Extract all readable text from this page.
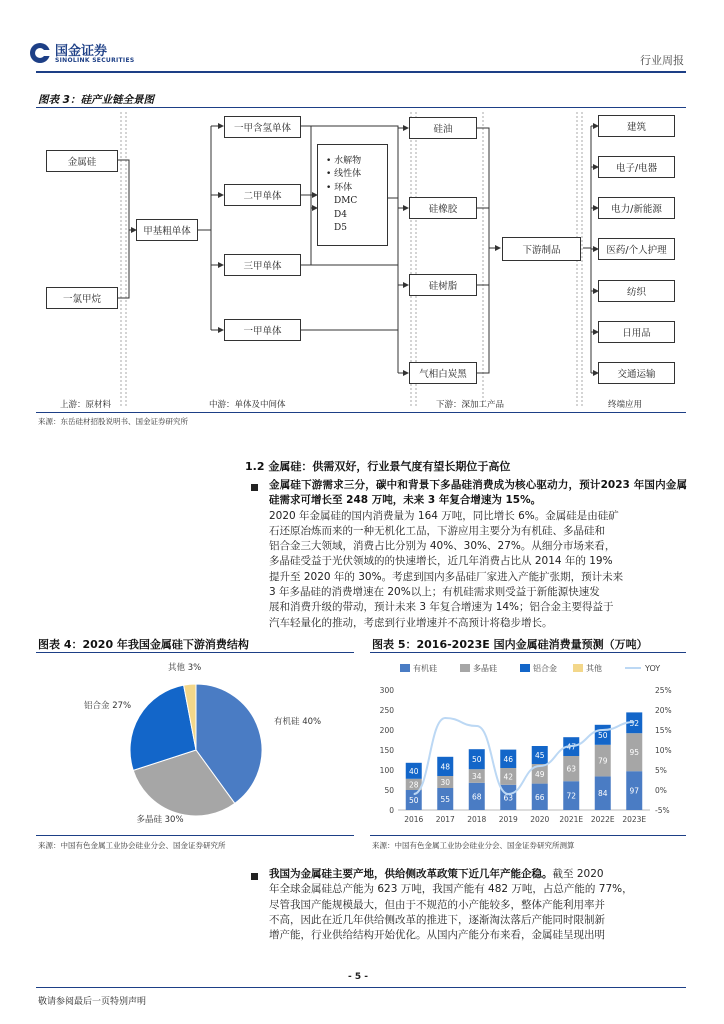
国金证券
SINOLINK SECURITIES	行业周报
图表 3：硅产业链全景图
金属硅
一氯甲烷
甲基粗单体
一甲含氢单体
二甲单体
三甲单体
一甲单体
• 水解物
• 线性体
• 环体
DMC
D4
D5
硅油
硅橡胶
硅树脂
气相白炭黑
下游制品
建筑
电子/电器
电力/新能源
医药/个人护理
纺织
日用品
交通运输
上游：原材料	中游：单体及中间体	下游：深加工产品	终端应用
来源：东岳硅材招股说明书、国金证券研究所
1.2 金属硅：供需双好，行业景气度有望长期位于高位
金属硅下游需求三分，碳中和背景下多晶硅消费成为核心驱动力，预计2023 年国内金属硅需求可增长至 248 万吨，未来 3 年复合增速为 15%。
2020 年金属硅的国内消费量为 164 万吨，同比增长 6%。金属硅是由硅矿
石还原冶炼而来的一种无机化工品，下游应用主要分为有机硅、多晶硅和
铝合金三大领域，消费占比分别为 40%、30%、27%。从细分市场来看，
多晶硅受益于光伏领域的的快速增长，近几年消费占比从 2014 年的 19%
提升至 2020 年的 30%。考虑到国内多晶硅厂家进入产能扩张期，预计未来
3 年多晶硅的消费增速在 20%以上；有机硅需求则受益于新能源快速发
展和消费升级的带动，预计未来 3 年复合增速为 14%；铝合金主要得益于
汽车轻量化的推动，考虑到行业增速并不高预计将稳步增长。
图表 4：2020 年我国金属硅下游消费结构
有机硅 40%
多晶硅 30%
铝合金 27%
其他 3%
来源：中国有色金属工业协会硅业分会、国金证券研究所
图表 5：2016-2023E 国内金属硅消费量预测（万吨）
有机硅	多晶硅	铝合金	其他	YOY
0
50
100
150
200
250
300
-5%
0%
5%
10%
15%
20%
25%
50
28
40
2016
55
30
48
2017
68
34
50
2018
63
42
46
2019
66
49
45
2020
72
63
47
2021E
84
79
50
2022E
97
95
52
2023E
来源：中国有色金属工业协会硅业分会、国金证券研究所测算
我国为金属硅主要产地，供给侧改革政策下近几年产能企稳。截至 2020
年全球金属硅总产能为 623 万吨，我国产能有 482 万吨，占总产能的 77%，
尽管我国产能规模最大，但由于不规范的小产能较多，整体产能利用率并
不高，因此在近几年供给侧改革的推进下，逐渐淘汰落后产能同时限制新
增产能，行业供给结构开始优化。从国内产能分布来看，金属硅呈现出明
- 5 -
敬请参阅最后一页特别声明
